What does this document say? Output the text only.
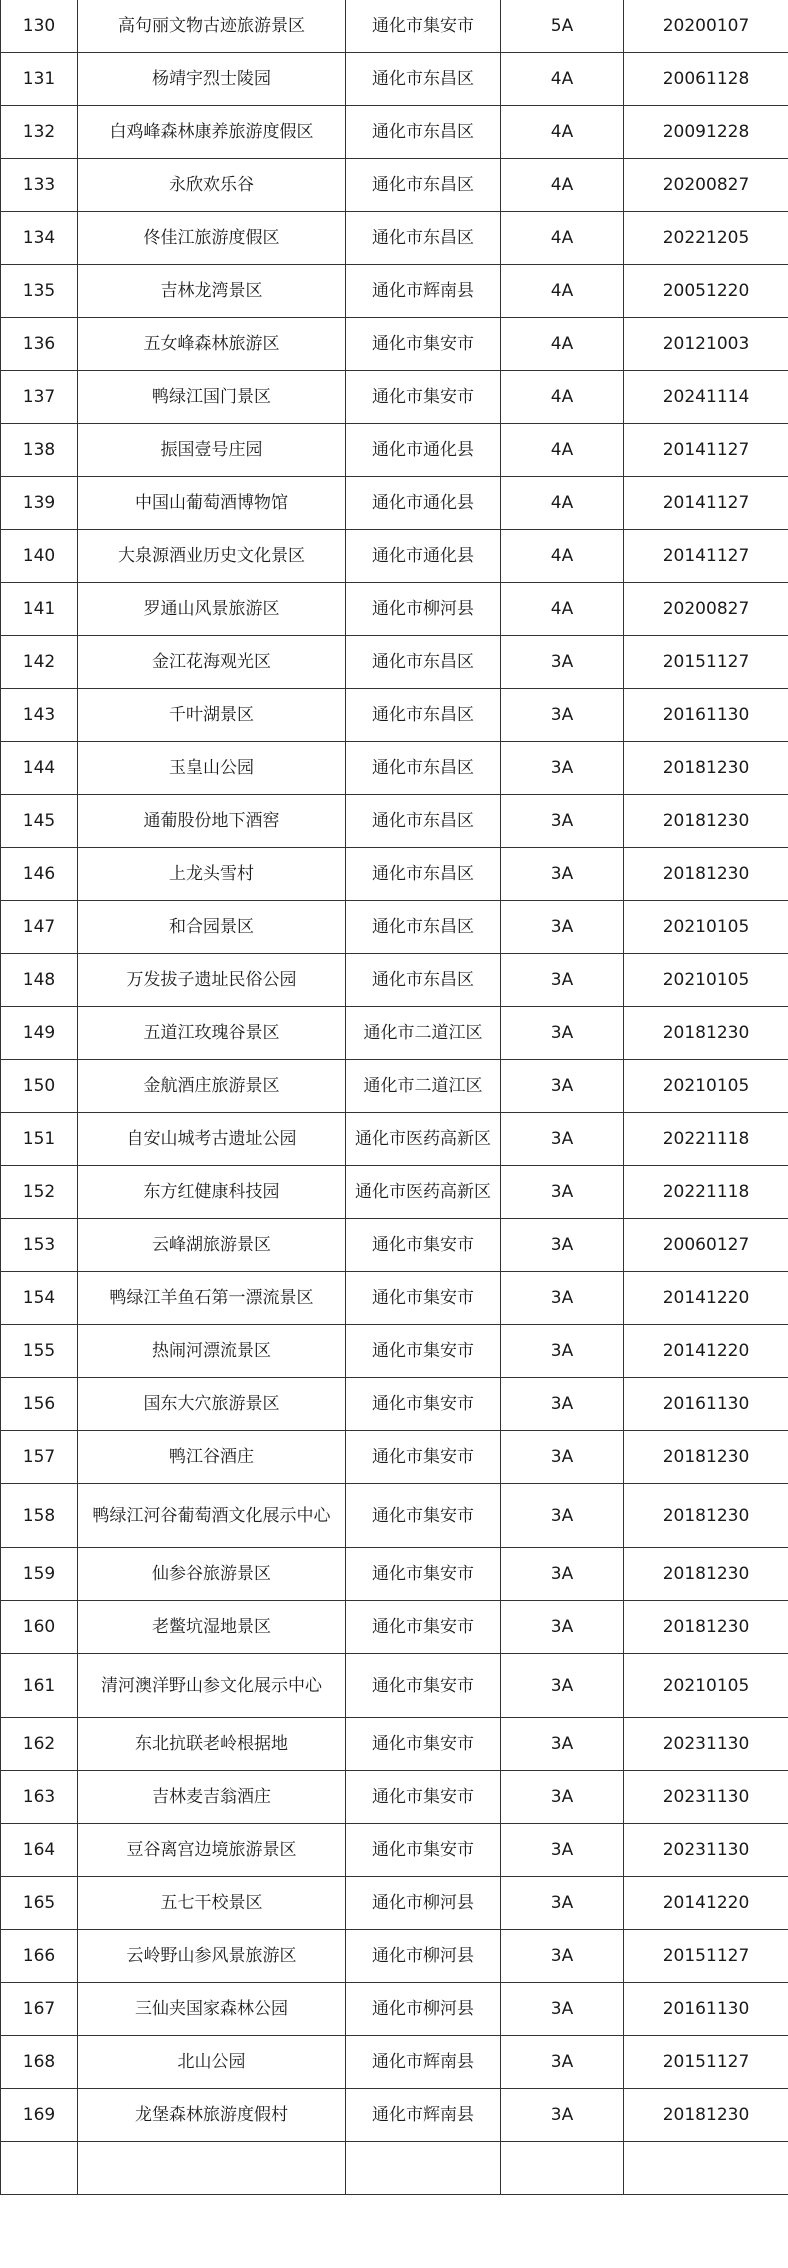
130	高句丽文物古迹旅游景区	通化市集安市	5A	20200107
131	杨靖宇烈士陵园	通化市东昌区	4A	20061128
132	白鸡峰森林康养旅游度假区	通化市东昌区	4A	20091228
133	永欣欢乐谷	通化市东昌区	4A	20200827
134	佟佳江旅游度假区	通化市东昌区	4A	20221205
135	吉林龙湾景区	通化市辉南县	4A	20051220
136	五女峰森林旅游区	通化市集安市	4A	20121003
137	鸭绿江国门景区	通化市集安市	4A	20241114
138	振国壹号庄园	通化市通化县	4A	20141127
139	中国山葡萄酒博物馆	通化市通化县	4A	20141127
140	大泉源酒业历史文化景区	通化市通化县	4A	20141127
141	罗通山风景旅游区	通化市柳河县	4A	20200827
142	金江花海观光区	通化市东昌区	3A	20151127
143	千叶湖景区	通化市东昌区	3A	20161130
144	玉皇山公园	通化市东昌区	3A	20181230
145	通葡股份地下酒窖	通化市东昌区	3A	20181230
146	上龙头雪村	通化市东昌区	3A	20181230
147	和合园景区	通化市东昌区	3A	20210105
148	万发拔子遗址民俗公园	通化市东昌区	3A	20210105
149	五道江玫瑰谷景区	通化市二道江区	3A	20181230
150	金航酒庄旅游景区	通化市二道江区	3A	20210105
151	自安山城考古遗址公园	通化市医药高新区	3A	20221118
152	东方红健康科技园	通化市医药高新区	3A	20221118
153	云峰湖旅游景区	通化市集安市	3A	20060127
154	鸭绿江羊鱼石第一漂流景区	通化市集安市	3A	20141220
155	热闹河漂流景区	通化市集安市	3A	20141220
156	国东大穴旅游景区	通化市集安市	3A	20161130
157	鸭江谷酒庄	通化市集安市	3A	20181230
158	鸭绿江河谷葡萄酒文化展示中心	通化市集安市	3A	20181230
159	仙参谷旅游景区	通化市集安市	3A	20181230
160	老鳖坑湿地景区	通化市集安市	3A	20181230
161	清河澳洋野山参文化展示中心	通化市集安市	3A	20210105
162	东北抗联老岭根据地	通化市集安市	3A	20231130
163	吉林麦吉翁酒庄	通化市集安市	3A	20231130
164	豆谷离宫边境旅游景区	通化市集安市	3A	20231130
165	五七干校景区	通化市柳河县	3A	20141220
166	云岭野山参风景旅游区	通化市柳河县	3A	20151127
167	三仙夹国家森林公园	通化市柳河县	3A	20161130
168	北山公园	通化市辉南县	3A	20151127
169	龙堡森林旅游度假村	通化市辉南县	3A	20181230
